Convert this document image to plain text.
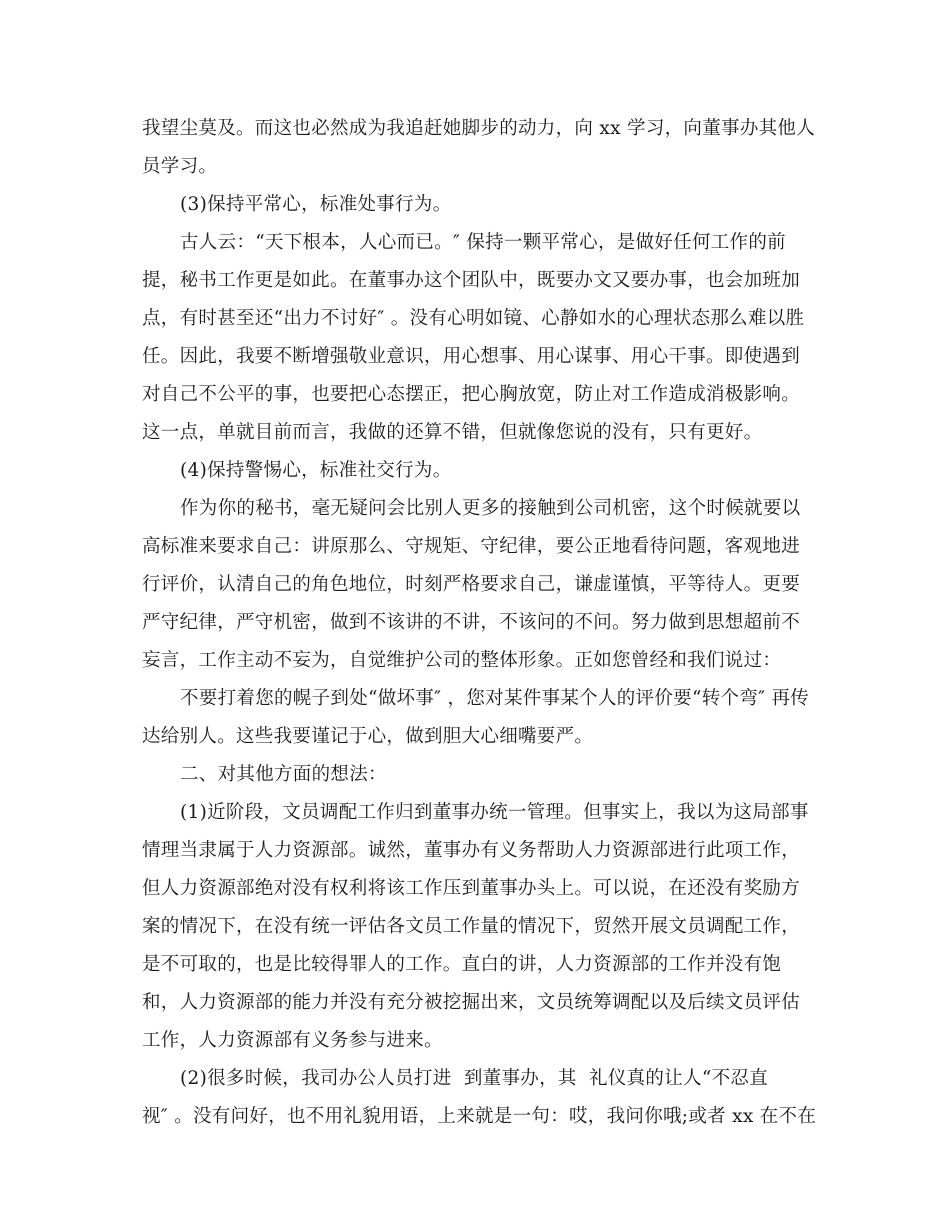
我望尘莫及。而这也必然成为我追赶她脚步的动力，向 xx 学习，向董事办其他人
员学习。
(3)保持平常心，标准处事行为。
古人云：“天下根本，人心而已。″ 保持一颗平常心，是做好任何工作的前
提，秘书工作更是如此。在董事办这个团队中，既要办文又要办事，也会加班加
点，有时甚至还“出力不讨好″ 。没有心明如镜、心静如水的心理状态那么难以胜
任。因此，我要不断增强敬业意识，用心想事、用心谋事、用心干事。即使遇到
对自己不公平的事，也要把心态摆正，把心胸放宽，防止对工作造成消极影响。
这一点，单就目前而言，我做的还算不错，但就像您说的没有，只有更好。
(4)保持警惕心，标准社交行为。
作为你的秘书，毫无疑问会比别人更多的接触到公司机密，这个时候就要以
高标准来要求自己：讲原那么、守规矩、守纪律，要公正地看待问题，客观地进
行评价，认清自己的角色地位，时刻严格要求自己，谦虚谨慎，平等待人。更要
严守纪律，严守机密，做到不该讲的不讲，不该问的不问。努力做到思想超前不
妄言，工作主动不妄为，自觉维护公司的整体形象。正如您曾经和我们说过：
不要打着您的幌子到处“做坏事″ ，您对某件事某个人的评价要“转个弯″ 再传
达给别人。这些我要谨记于心，做到胆大心细嘴要严。
二、对其他方面的想法：
(1)近阶段，文员调配工作归到董事办统一管理。但事实上，我以为这局部事
情理当隶属于人力资源部。诚然，董事办有义务帮助人力资源部进行此项工作，
但人力资源部绝对没有权利将该工作压到董事办头上。可以说，在还没有奖励方
案的情况下，在没有统一评估各文员工作量的情况下，贸然开展文员调配工作，
是不可取的，也是比较得罪人的工作。直白的讲，人力资源部的工作并没有饱
和，人力资源部的能力并没有充分被挖掘出来，文员统筹调配以及后续文员评估
工作，人力资源部有义务参与进来。
(2)很多时候，我司办公人员打进  到董事办，其  礼仪真的让人“不忍直
视″ 。没有问好，也不用礼貌用语，上来就是一句：哎，我问你哦;或者 xx 在不在
